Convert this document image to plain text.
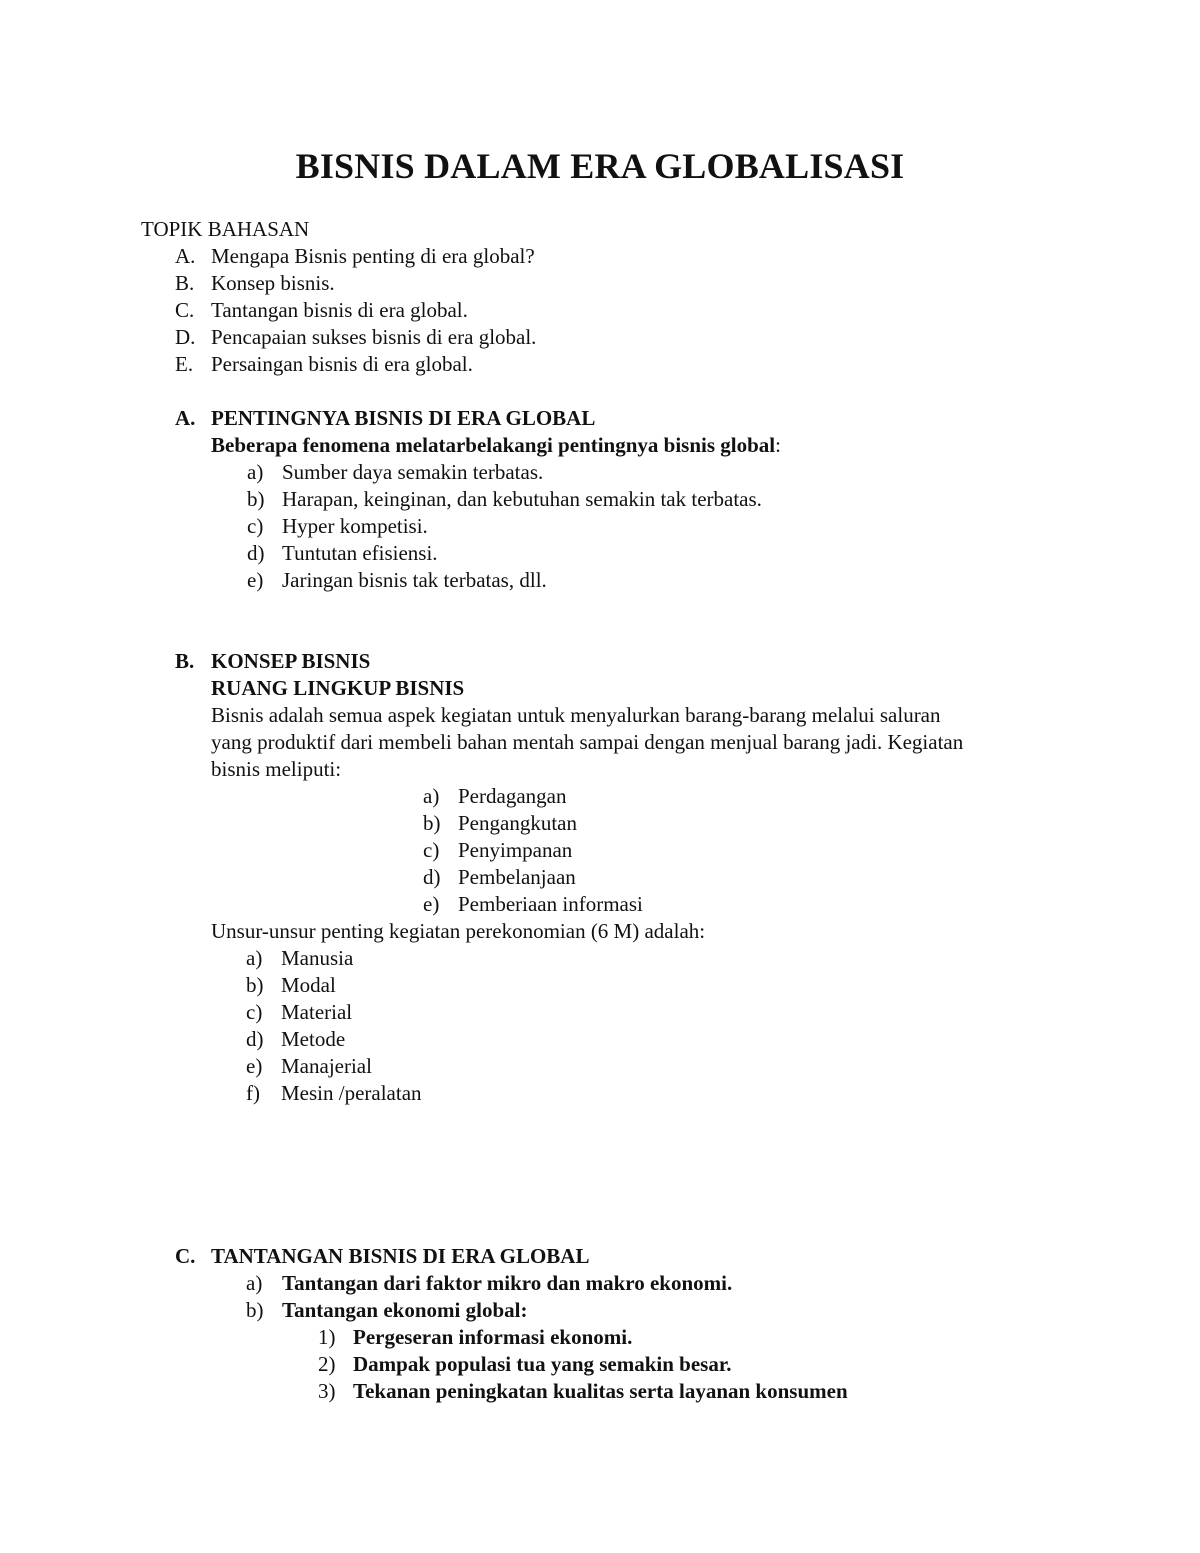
BISNIS DALAM ERA GLOBALISASI
TOPIK BAHASAN
A. Mengapa Bisnis penting di era global?
B. Konsep bisnis.
C. Tantangan bisnis di era global.
D. Pencapaian sukses bisnis di era global.
E. Persaingan bisnis di era global.
A. PENTINGNYA BISNIS DI ERA GLOBAL
Beberapa fenomena melatarbelakangi pentingnya bisnis global:
a) Sumber daya semakin terbatas.
b) Harapan, keinginan, dan kebutuhan semakin tak terbatas.
c) Hyper kompetisi.
d) Tuntutan efisiensi.
e) Jaringan bisnis tak terbatas, dll.
B. KONSEP BISNIS
RUANG LINGKUP BISNIS
Bisnis adalah semua aspek kegiatan untuk menyalurkan barang-barang melalui saluran
yang produktif dari membeli bahan mentah sampai dengan menjual barang jadi. Kegiatan
bisnis meliputi:
a) Perdagangan
b) Pengangkutan
c) Penyimpanan
d) Pembelanjaan
e) Pemberiaan informasi
Unsur-unsur penting kegiatan perekonomian (6 M) adalah:
a) Manusia
b) Modal
c) Material
d) Metode
e) Manajerial
f) Mesin /peralatan
C. TANTANGAN BISNIS DI ERA GLOBAL
a) Tantangan dari faktor mikro dan makro ekonomi.
b) Tantangan ekonomi global:
1) Pergeseran informasi ekonomi.
2) Dampak populasi tua yang semakin besar.
3) Tekanan peningkatan kualitas serta layanan konsumen
